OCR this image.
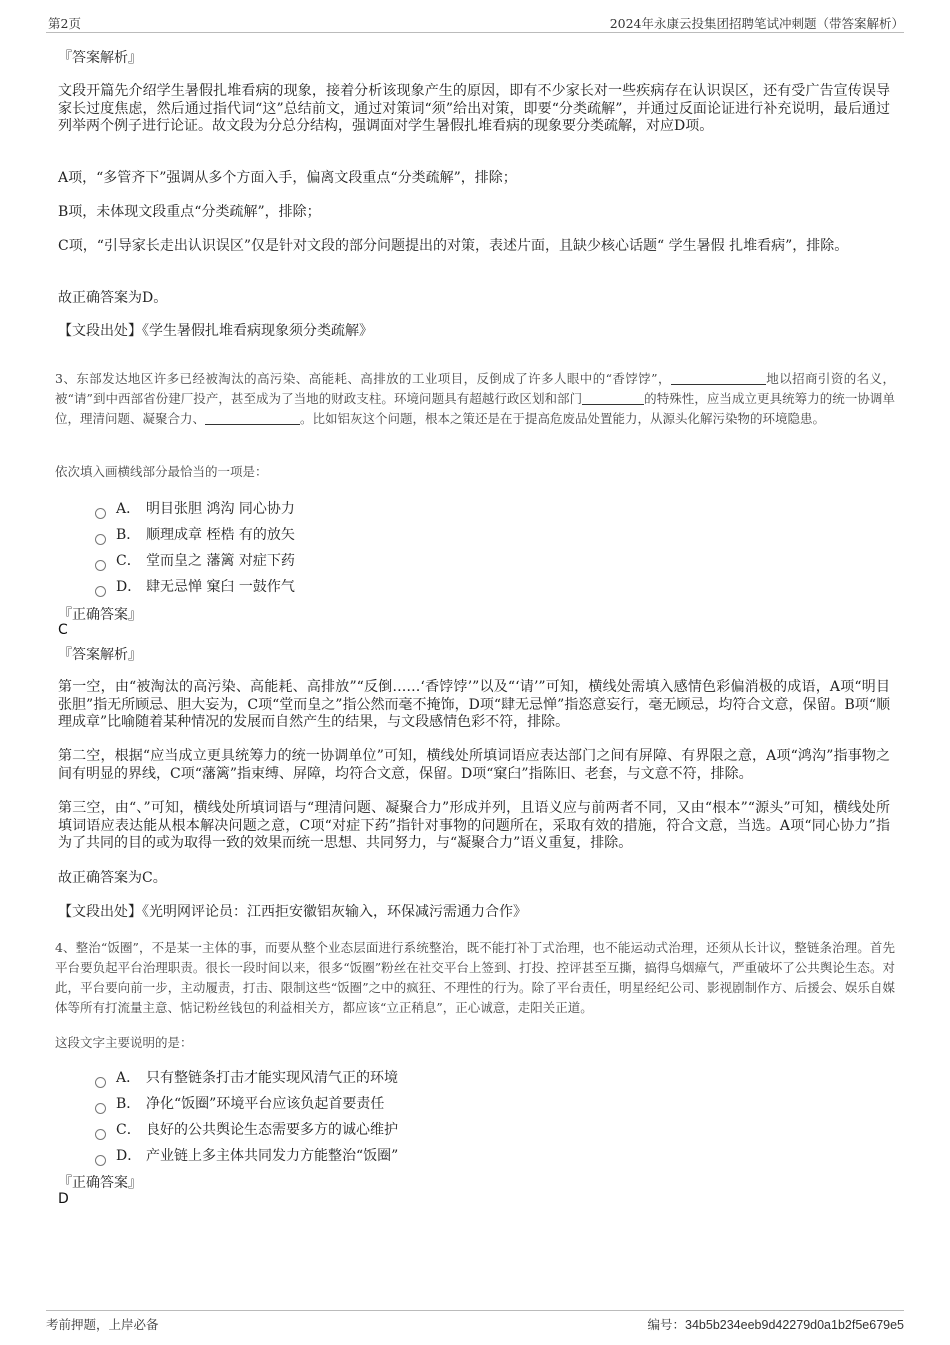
第2页	2024年永康云投集团招聘笔试冲刺题（带答案解析）
『答案解析』
文段开篇先介绍学生暑假扎堆看病的现象，接着分析该现象产生的原因，即有不少家长对一些疾病存在认识误区，还有受广告宣传误导家长过度焦虑，然后通过指代词“这”总结前文，通过对策词“须”给出对策，即要“分类疏解”，并通过反面论证进行补充说明，最后通过列举两个例子进行论证。故文段为分总分结构，强调面对学生暑假扎堆看病的现象要分类疏解，对应D项。
A项，“多管齐下”强调从多个方面入手，偏离文段重点“分类疏解”，排除；
B项，未体现文段重点“分类疏解”，排除；
C项，“引导家长走出认识误区”仅是针对文段的部分问题提出的对策，表述片面，且缺少核心话题“ 学生暑假 扎堆看病”，排除。
故正确答案为D。
【文段出处】《学生暑假扎堆看病现象须分类疏解》
3、东部发达地区许多已经被淘汰的高污染、高能耗、高排放的工业项目，反倒成了许多人眼中的“香饽饽”，	地以招商引资的名义，被“请”到中西部省份建厂投产，甚至成为了当地的财政支柱。环境问题具有超越行政区划和部门	的特殊性，应当成立更具统筹力的统一协调单位，理清问题、凝聚合力、	。比如铝灰这个问题，根本之策还是在于提高危废品处置能力，从源头化解污染物的环境隐患。
依次填入画横线部分最恰当的一项是：
A． 明目张胆 鸿沟 同心协力
B． 顺理成章 桎梏 有的放矢
C． 堂而皇之 藩篱 对症下药
D． 肆无忌惮 窠臼 一鼓作气
『正确答案』
C
『答案解析』
第一空，由“被淘汰的高污染、高能耗、高排放”“反倒……‘香饽饽’”以及“‘请’”可知，横线处需填入感情色彩偏消极的成语，A项“明目张胆”指无所顾忌、胆大妄为，C项“堂而皇之”指公然而毫不掩饰，D项“肆无忌惮”指恣意妄行，毫无顾忌，均符合文意，保留。B项“顺理成章”比喻随着某种情况的发展而自然产生的结果，与文段感情色彩不符，排除。
第二空，根据“应当成立更具统筹力的统一协调单位”可知，横线处所填词语应表达部门之间有屏障、有界限之意，A项“鸿沟”指事物之间有明显的界线，C项“藩篱”指束缚、屏障，均符合文意，保留。D项“窠臼”指陈旧、老套，与文意不符，排除。
第三空，由“、”可知，横线处所填词语与“理清问题、凝聚合力”形成并列，且语义应与前两者不同，又由“根本”“源头”可知，横线处所填词语应表达能从根本解决问题之意，C项“对症下药”指针对事物的问题所在，采取有效的措施，符合文意，当选。A项“同心协力”指为了共同的目的或为取得一致的效果而统一思想、共同努力，与“凝聚合力”语义重复，排除。
故正确答案为C。
【文段出处】《光明网评论员：江西拒安徽铝灰输入，环保减污需通力合作》
4、整治“饭圈”，不是某一主体的事，而要从整个业态层面进行系统整治，既不能打补丁式治理，也不能运动式治理，还须从长计议，整链条治理。首先平台要负起平台治理职责。很长一段时间以来，很多“饭圈”粉丝在社交平台上签到、打投、控评甚至互撕，搞得乌烟瘴气，严重破坏了公共舆论生态。对此，平台要向前一步，主动履责，打击、限制这些“饭圈”之中的疯狂、不理性的行为。除了平台责任，明星经纪公司、影视剧制作方、后援会、娱乐自媒体等所有打流量主意、惦记粉丝钱包的利益相关方，都应该“立正稍息”，正心诚意，走阳关正道。
这段文字主要说明的是：
A． 只有整链条打击才能实现风清气正的环境
B． 净化“饭圈”环境平台应该负起首要责任
C． 良好的公共舆论生态需要多方的诚心维护
D． 产业链上多主体共同发力方能整治“饭圈”
『正确答案』
D
考前押题，上岸必备	编号：34b5b234eeb9d42279d0a1b2f5e679e5
